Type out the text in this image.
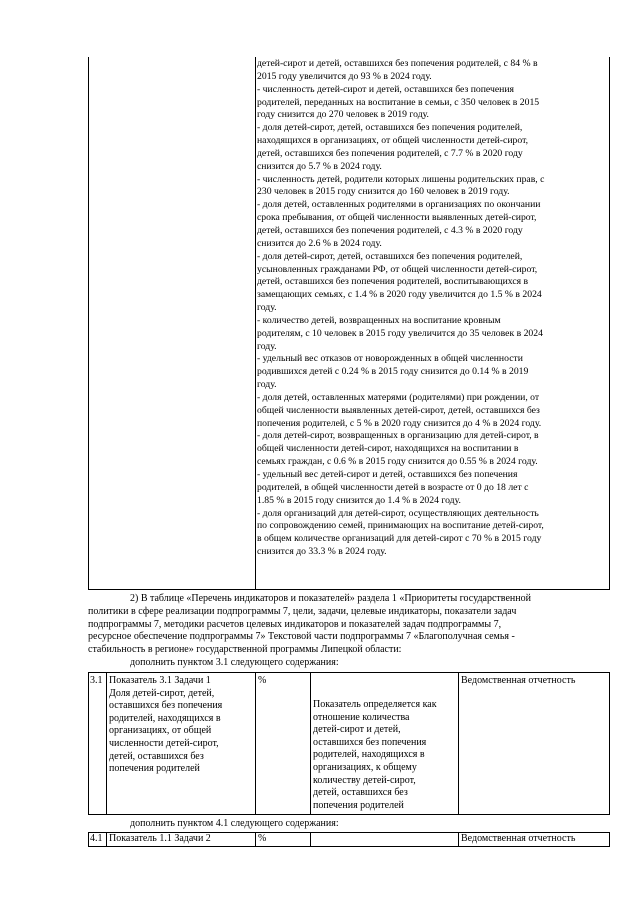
детей-сирот и детей, оставшихся без попечения родителей, с 84 % в
2015 году увеличится до 93 % в 2024 году.
- численность детей-сирот и детей, оставшихся без попечения
родителей, переданных на воспитание в семьи, с 350 человек в 2015
году снизится до 270 человек в 2019 году.
- доля детей-сирот, детей, оставшихся без попечения родителей,
находящихся в организациях, от общей численности детей-сирот,
детей, оставшихся без попечения родителей, с 7.7 % в 2020 году
снизится до 5.7 % в 2024 году.
- численность детей, родители которых лишены родительских прав, с
230 человек в 2015 году снизится до 160 человек в 2019 году.
- доля детей, оставленных родителями в организациях по окончании
срока пребывания, от общей численности выявленных детей-сирот,
детей, оставшихся без попечения родителей, с 4.3 % в 2020 году
снизится до 2.6 % в 2024 году.
- доля детей-сирот, детей, оставшихся без попечения родителей,
усыновленных гражданами РФ, от общей численности детей-сирот,
детей, оставшихся без попечения родителей, воспитывающихся в
замещающих семьях, с 1.4 % в 2020 году увеличится до 1.5 % в 2024
году.
- количество детей, возвращенных на воспитание кровным
родителям, с 10 человек в 2015 году увеличится до 35 человек в 2024
году.
- удельный вес отказов от новорожденных в общей численности
родившихся детей с 0.24 % в 2015 году снизится до 0.14 % в 2019
году.
- доля детей, оставленных матерями (родителями) при рождении, от
общей численности выявленных детей-сирот, детей, оставшихся без
попечения родителей, с 5 % в 2020 году снизится до 4 % в 2024 году.
- доля детей-сирот, возвращенных в организацию для детей-сирот, в
общей численности детей-сирот, находящихся на воспитании в
семьях граждан, с 0.6 % в 2015 году снизится до 0.55 % в 2024 году.
- удельный вес детей-сирот и детей, оставшихся без попечения
родителей, в общей численности детей в возрасте от 0 до 18 лет с
1.85 % в 2015 году снизится до 1.4 % в 2024 году.
- доля организаций для детей-сирот, осуществляющих деятельность
по сопровождению семей, принимающих на воспитание детей-сирот,
в общем количестве организаций для детей-сирот с 70 % в 2015 году
снизится до 33.3 % в 2024 году.
2) В таблице «Перечень индикаторов и показателей» раздела 1 «Приоритеты государственной
политики в сфере реализации подпрограммы 7, цели, задачи, целевые индикаторы, показатели задач
подпрограммы 7, методики расчетов целевых индикаторов и показателей задач подпрограммы 7,
ресурсное обеспечение подпрограммы 7» Текстовой части подпрограммы 7 «Благополучная семья -
стабильность в регионе» государственной программы Липецкой области:
дополнить пунктом 3.1 следующего содержания:
3.1 Показатель 3.1 Задачи 1
Доля детей-сирот, детей,
оставшихся без попечения
родителей, находящихся в
организациях, от общей
численности детей-сирот,
детей, оставшихся без
попечения родителей
%
Показатель определяется как
отношение количества
детей-сирот и детей,
оставшихся без попечения
родителей, находящихся в
организациях, к общему
количеству детей-сирот,
детей, оставшихся без
попечения родителей
Ведомственная отчетность
дополнить пунктом 4.1 следующего содержания:
4.1 Показатель 1.1 Задачи 2	%	Ведомственная отчетность
